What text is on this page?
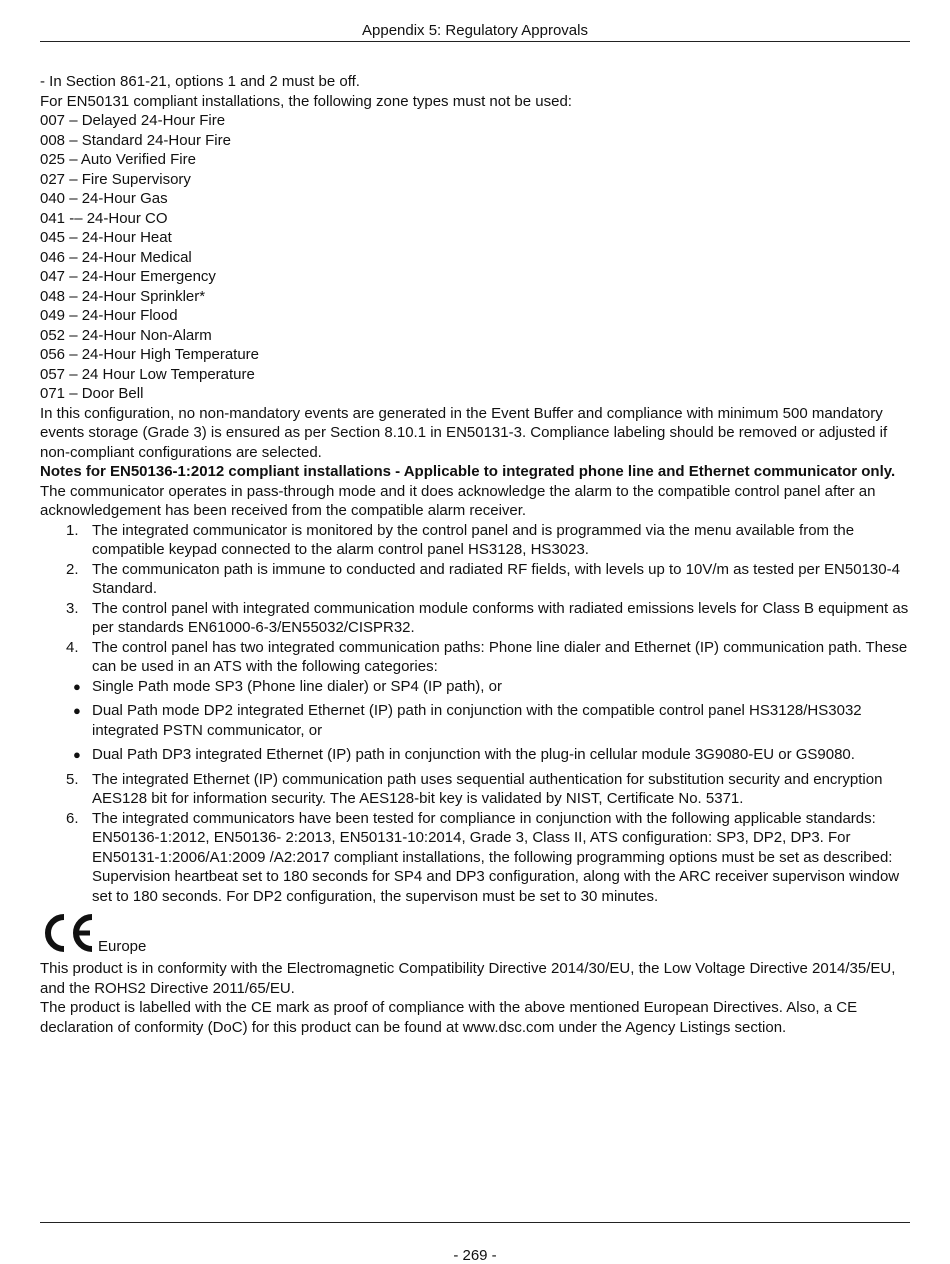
Appendix 5: Regulatory Approvals

- In Section 861-21, options 1 and 2 must be off.

For EN50131 compliant installations, the following zone types must not be used:

007 – Delayed 24-Hour Fire

008 – Standard 24-Hour Fire

025 – Auto Verified Fire

027 – Fire Supervisory

040 – 24-Hour Gas

041 -– 24-Hour CO

045 – 24-Hour Heat

046 – 24-Hour Medical

047 – 24-Hour Emergency

048 – 24-Hour Sprinkler*

049 – 24-Hour Flood

052 – 24-Hour Non-Alarm

056 – 24-Hour High Temperature

057 – 24 Hour Low Temperature

071 – Door Bell

In this configuration, no non-mandatory events are generated in the Event Buffer and compliance with minimum 500 mandatory events storage (Grade 3) is ensured as per Section 8.10.1 in EN50131-3. Compliance labeling should be removed or adjusted if non-compliant configurations are selected.

Notes for EN50136-1:2012 compliant installations - Applicable to integrated phone line and Ethernet communicator only.

The communicator operates in pass-through mode and it does acknowledge the alarm to the compatible control panel after an acknowledgement has been received from the compatible alarm receiver.

1. The integrated communicator is monitored by the control panel and is programmed via the menu available from the compatible keypad connected to the alarm control panel HS3128, HS3023.
2. The communicaton path is immune to conducted and radiated RF fields, with levels up to 10V/m as tested per EN50130-4 Standard.
3. The control panel with integrated communication module conforms with radiated emissions levels for Class B equipment as per standards EN61000-6-3/EN55032/CISPR32.
4. The control panel has two integrated communication paths: Phone line dialer and Ethernet (IP) communication path. These can be used in an ATS with the following categories:
● Single Path mode SP3 (Phone line dialer) or SP4 (IP path), or
● Dual Path mode DP2 integrated Ethernet (IP) path in conjunction with the compatible control panel HS3128/HS3032 integrated PSTN communicator, or
● Dual Path DP3 integrated Ethernet (IP) path in conjunction with the plug-in cellular module 3G9080-EU or GS9080.
5. The integrated Ethernet (IP) communication path uses sequential authentication for substitution security and encryption AES128 bit for information security. The AES128-bit key is validated by NIST, Certificate No. 5371.
6. The integrated communicators have been tested for compliance in conjunction with the following applicable standards: EN50136-1:2012, EN50136- 2:2013, EN50131-10:2014, Grade 3, Class II, ATS configuration: SP3, DP2, DP3. For EN50131-1:2006/A1:2009 /A2:2017 compliant installations, the following programming options must be set as described: Supervision heartbeat set to 180 seconds for SP4 and DP3 configuration, along with the ARC receiver supervison window set to 180 seconds. For DP2 configuration, the supervison must be set to 30 minutes.
Europe

This product is in conformity with the Electromagnetic Compatibility Directive 2014/30/EU, the Low Voltage Directive 2014/35/EU, and the ROHS2 Directive 2011/65/EU.

The product is labelled with the CE mark as proof of compliance with the above mentioned European Directives. Also, a CE declaration of conformity (DoC) for this product can be found at www.dsc.com under the Agency Listings section.

- 269 -
